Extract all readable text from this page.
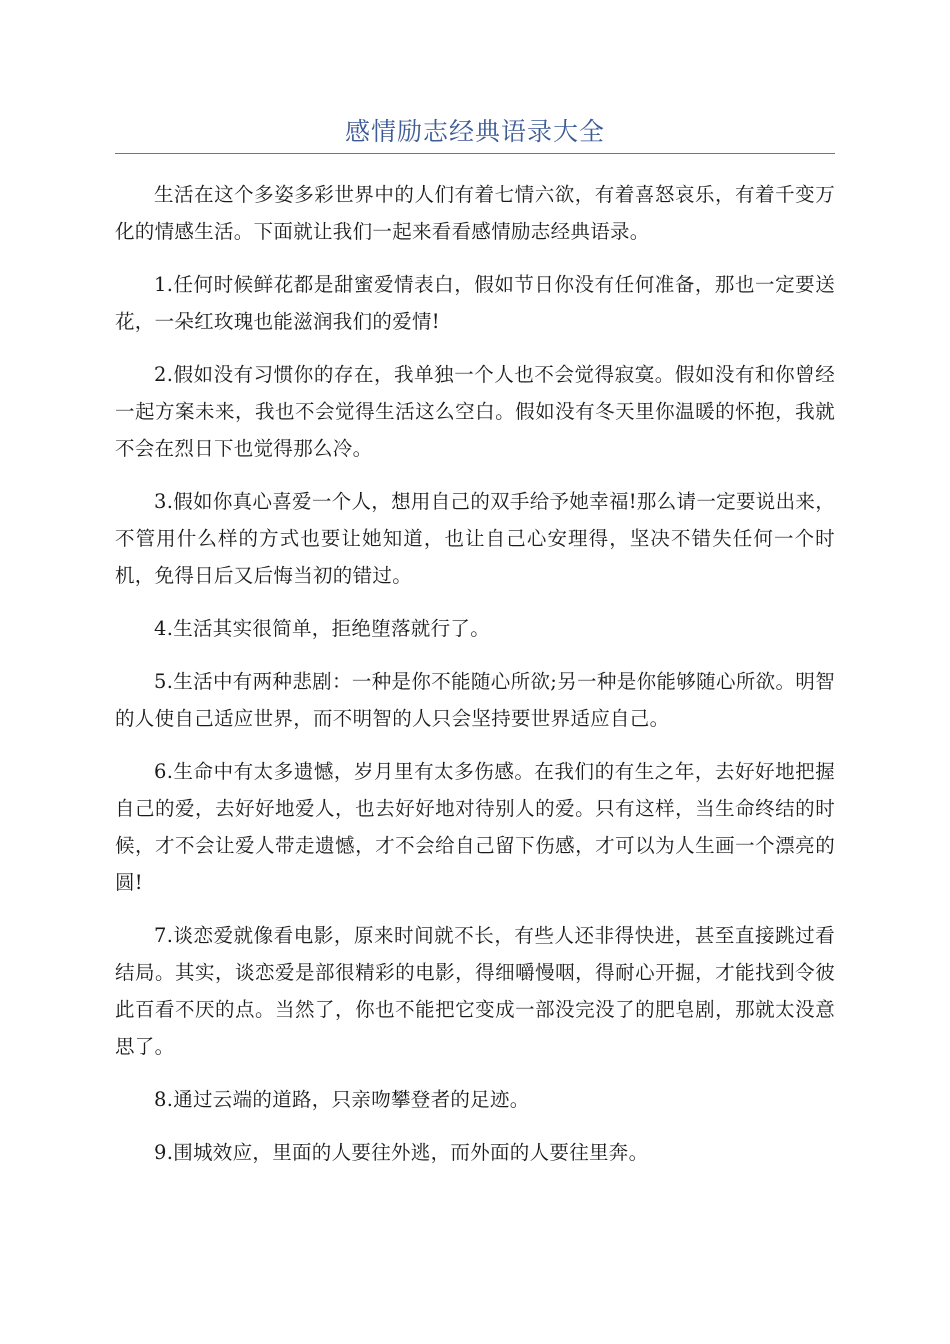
感情励志经典语录大全

生活在这个多姿多彩世界中的人们有着七情六欲，有着喜怒哀乐，有着千变万化的情感生活。下面就让我们一起来看看感情励志经典语录。

1.任何时候鲜花都是甜蜜爱情表白，假如节日你没有任何准备，那也一定要送花，一朵红玫瑰也能滋润我们的爱情!

2.假如没有习惯你的存在，我单独一个人也不会觉得寂寞。假如没有和你曾经一起方案未来，我也不会觉得生活这么空白。假如没有冬天里你温暖的怀抱，我就不会在烈日下也觉得那么冷。

3.假如你真心喜爱一个人，想用自己的双手给予她幸福!那么请一定要说出来，不管用什么样的方式也要让她知道，也让自己心安理得，坚决不错失任何一个时机，免得日后又后悔当初的错过。

4.生活其实很简单，拒绝堕落就行了。

5.生活中有两种悲剧：一种是你不能随心所欲;另一种是你能够随心所欲。明智的人使自己适应世界，而不明智的人只会坚持要世界适应自己。

6.生命中有太多遗憾，岁月里有太多伤感。在我们的有生之年，去好好地把握自己的爱，去好好地爱人，也去好好地对待别人的爱。只有这样，当生命终结的时候，才不会让爱人带走遗憾，才不会给自己留下伤感，才可以为人生画一个漂亮的圆!

7.谈恋爱就像看电影，原来时间就不长，有些人还非得快进，甚至直接跳过看结局。其实，谈恋爱是部很精彩的电影，得细嚼慢咽，得耐心开掘，才能找到令彼此百看不厌的点。当然了，你也不能把它变成一部没完没了的肥皂剧，那就太没意思了。

8.通过云端的道路，只亲吻攀登者的足迹。

9.围城效应，里面的人要往外逃，而外面的人要往里奔。
